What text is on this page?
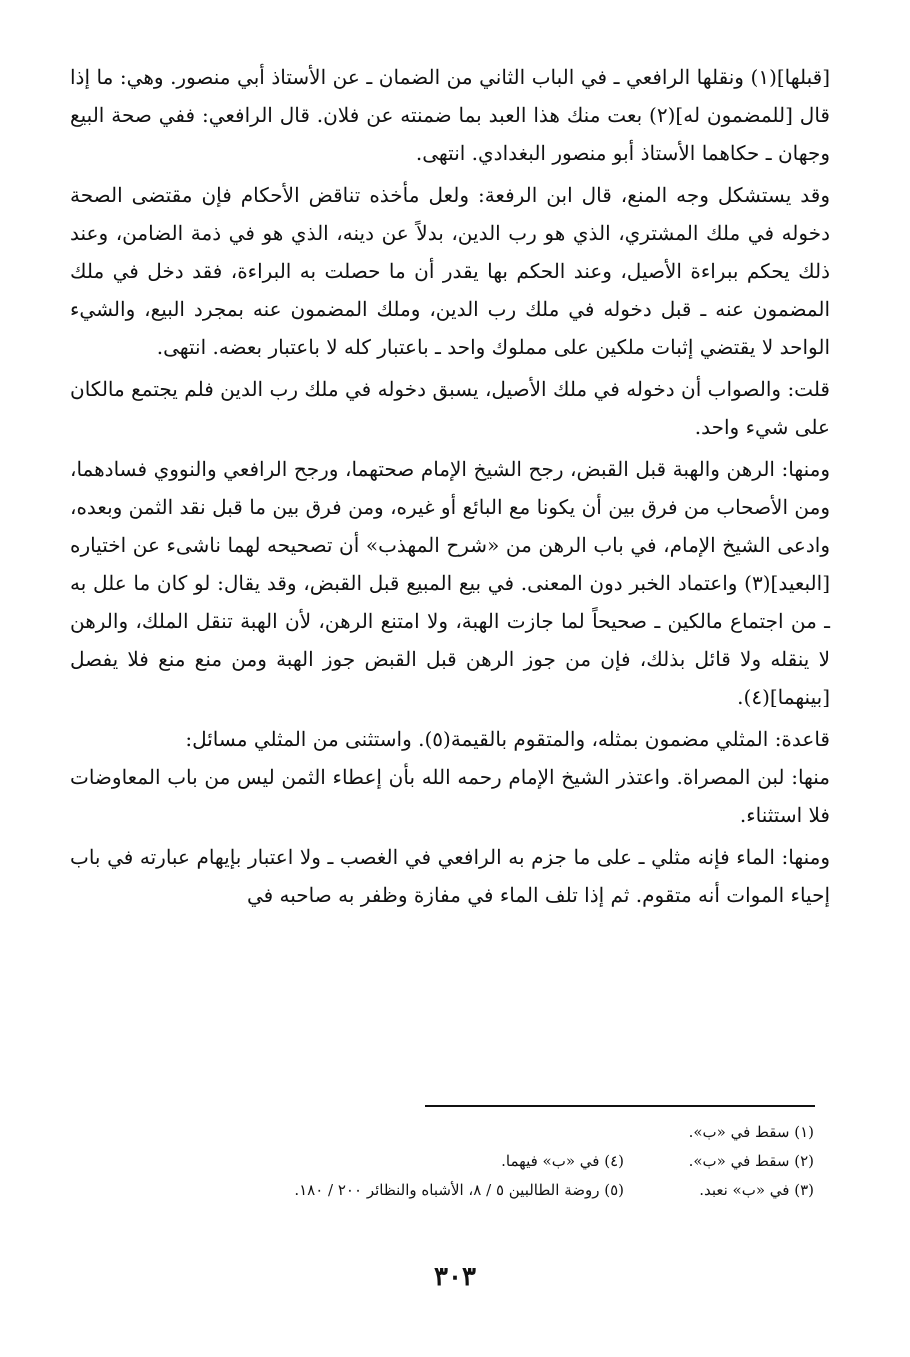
[قبلها](١) ونقلها الرافعي ـ في الباب الثاني من الضمان ـ عن الأستاذ أبي منصور. وهي: ما إذا قال [للمضمون له](٢) بعت منك هذا العبد بما ضمنته عن فلان. قال الرافعي: ففي صحة البيع وجهان ـ حكاهما الأستاذ أبو منصور البغدادي. انتهى.

وقد يستشكل وجه المنع، قال ابن الرفعة: ولعل مأخذه تناقض الأحكام فإن مقتضى الصحة دخوله في ملك المشتري، الذي هو رب الدين، بدلاً عن دينه، الذي هو في ذمة الضامن، وعند ذلك يحكم ببراءة الأصيل، وعند الحكم بها يقدر أن ما حصلت به البراءة، فقد دخل في ملك المضمون عنه ـ قبل دخوله في ملك رب الدين، وملك المضمون عنه بمجرد البيع، والشيء الواحد لا يقتضي إثبات ملكين على مملوك واحد ـ باعتبار كله لا باعتبار بعضه. انتهى.

قلت: والصواب أن دخوله في ملك الأصيل، يسبق دخوله في ملك رب الدين فلم يجتمع مالكان على شيء واحد.

ومنها: الرهن والهبة قبل القبض، رجح الشيخ الإمام صحتهما، ورجح الرافعي والنووي فسادهما، ومن الأصحاب من فرق بين أن يكونا مع البائع أو غيره، ومن فرق بين ما قبل نقد الثمن وبعده، وادعى الشيخ الإمام، في باب الرهن من «شرح المهذب» أن تصحيحه لهما ناشىء عن اختياره [البعيد](٣) واعتماد الخبر دون المعنى. في بيع المبيع قبل القبض، وقد يقال: لو كان ما علل به ـ من اجتماع مالكين ـ صحيحاً لما جازت الهبة، ولا امتنع الرهن، لأن الهبة تنقل الملك، والرهن لا ينقله ولا قائل بذلك، فإن من جوز الرهن قبل القبض جوز الهبة ومن منع منع فلا يفصل [بينهما](٤).

قاعدة: المثلي مضمون بمثله، والمتقوم بالقيمة(٥). واستثنى من المثلي مسائل:

منها: لبن المصراة. واعتذر الشيخ الإمام رحمه الله بأن إعطاء الثمن ليس من باب المعاوضات فلا استثناء.

ومنها: الماء فإنه مثلي ـ على ما جزم به الرافعي في الغصب ـ ولا اعتبار بإيهام عبارته في باب إحياء الموات أنه متقوم. ثم إذا تلف الماء في مفازة وظفر به صاحبه في

(١) سقط في «ب».
(٢) سقط في «ب».
(٤) في «ب» فيهما.
(٣) في «ب» نعبد.
(٥) روضة الطالبين ٥ / ٨، الأشباه والنظائر ٢٠٠ / ١٨٠.
٣٠٣
